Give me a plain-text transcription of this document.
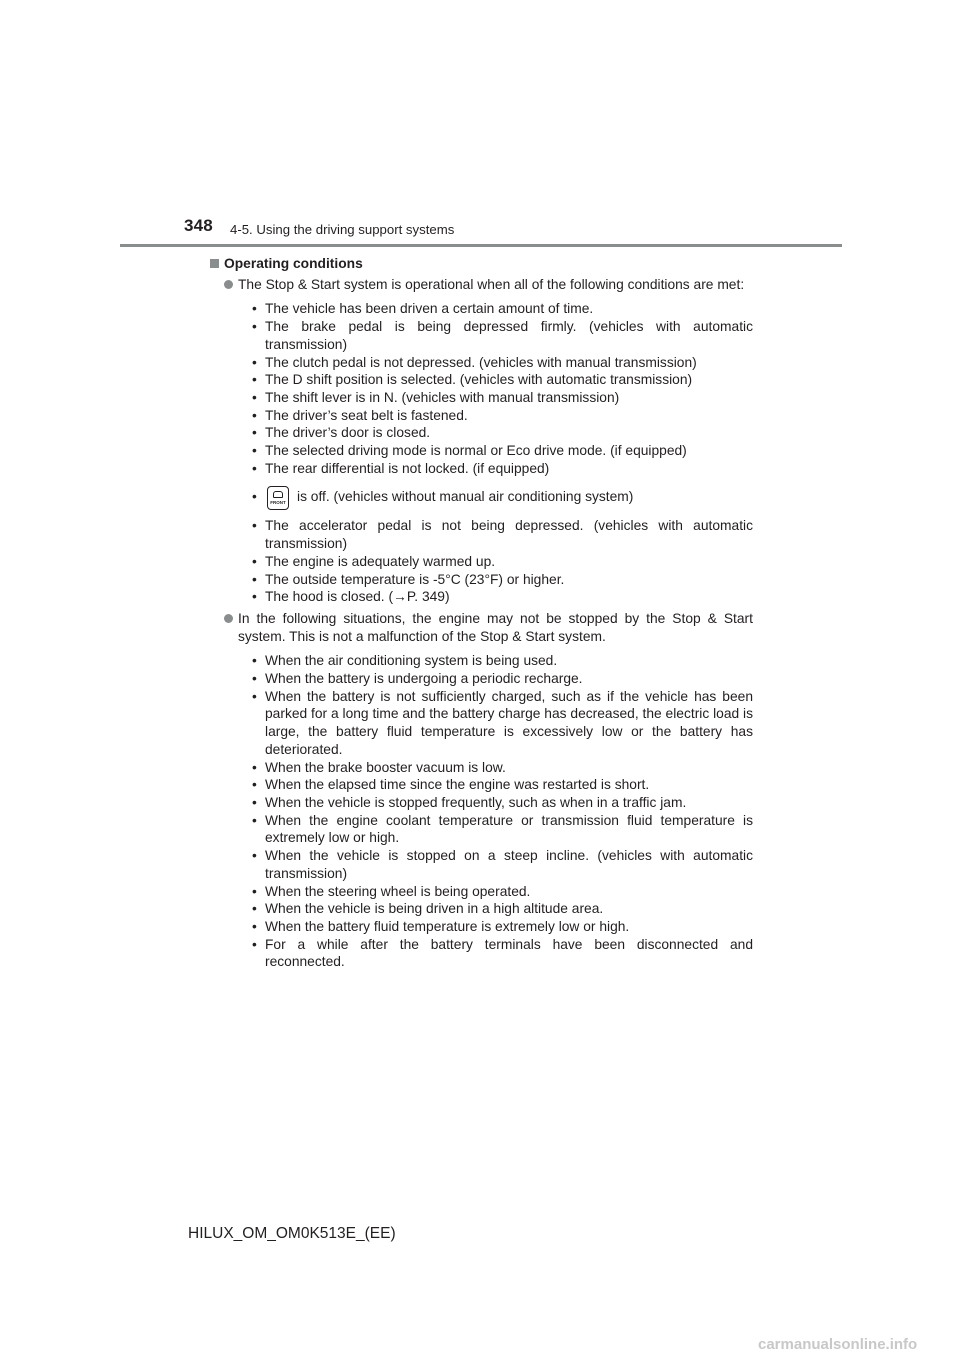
348 4-5. Using the driving support systems
Operating conditions
The Stop & Start system is operational when all of the following conditions are met:
• The vehicle has been driven a certain amount of time.
• The brake pedal is being depressed firmly. (vehicles with automatic transmission)
• The clutch pedal is not depressed. (vehicles with manual transmission)
• The D shift position is selected. (vehicles with automatic transmission)
• The shift lever is in N. (vehicles with manual transmission)
• The driver’s seat belt is fastened.
• The driver’s door is closed.
• The selected driving mode is normal or Eco drive mode. (if equipped)
• The rear differential is not locked. (if equipped)
•	FRONT is off. (vehicles without manual air conditioning system)
• The accelerator pedal is not being depressed. (vehicles with automatic transmission)
• The engine is adequately warmed up.
• The outside temperature is -5°C (23°F) or higher.
• The hood is closed. (→P. 349)
In the following situations, the engine may not be stopped by the Stop & Start system. This is not a malfunction of the Stop & Start system.
• When the air conditioning system is being used.
• When the battery is undergoing a periodic recharge.
• When the battery is not sufficiently charged, such as if the vehicle has been parked for a long time and the battery charge has decreased, the electric load is large, the battery fluid temperature is excessively low or the battery has deteriorated.
• When the brake booster vacuum is low.
• When the elapsed time since the engine was restarted is short.
• When the vehicle is stopped frequently, such as when in a traffic jam.
• When the engine coolant temperature or transmission fluid temperature is extremely low or high.
• When the vehicle is stopped on a steep incline. (vehicles with automatic transmission)
• When the steering wheel is being operated.
• When the vehicle is being driven in a high altitude area.
• When the battery fluid temperature is extremely low or high.
• For a while after the battery terminals have been disconnected and reconnected.
HILUX_OM_OM0K513E_(EE)
carmanualsonline.info
